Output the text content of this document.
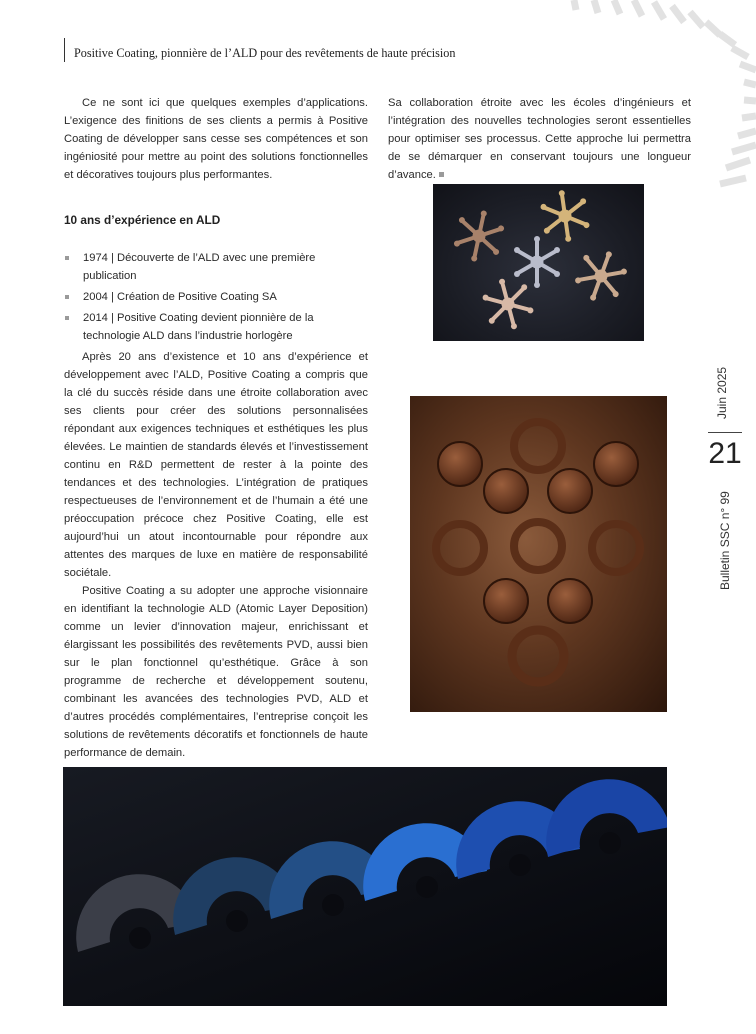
Positive Coating, pionnière de l’ALD pour des revêtements de haute précision

Ce ne sont ici que quelques exemples d’applications. L’exigence des finitions de ses clients a permis à Positive Coating de développer sans cesse ses compétences et son ingéniosité pour mettre au point des solutions fonctionnelles et décoratives toujours plus performantes.

Sa collaboration étroite avec les écoles d’ingénieurs et l’intégration des nouvelles technologies seront essentielles pour optimiser ses processus. Cette approche lui permettra de se démarquer en conservant toujours une longueur d’avance.

10 ans d’expérience en ALD
1974 | Découverte de l’ALD avec une première publication
2004 | Création de Positive Coating SA
2014 | Positive Coating devient pionnière de la technologie ALD dans l’industrie horlogère

Après 20 ans d’existence et 10 ans d’expérience et développement avec l’ALD, Positive Coating a compris que la clé du succès réside dans une étroite collaboration avec ses clients pour créer des solutions personnalisées répondant aux exigences techniques et esthétiques les plus élevées. Le maintien de standards élevés et l’investissement continu en R&D permettent de rester à la pointe des tendances et des technologies. L’intégration de pratiques respectueuses de l’environnement et de l’humain a été une préoccupation précoce chez Positive Coating, elle est aujourd’hui un atout incontournable pour répondre aux attentes des marques de luxe en matière de responsabilité sociétale.

Positive Coating a su adopter une approche visionnaire en identifiant la technologie ALD (Atomic Layer Deposition) comme un levier d’innovation majeur, enrichissant et élargissant les possibilités des revêtements PVD, aussi bien sur le plan fonctionnel qu’esthétique. Grâce à son programme de recherche et développement soutenu, combinant les avancées des technologies PVD, ALD et d’autres procédés complémentaires, l’entreprise conçoit les solutions de revêtements décoratifs et fonctionnels de haute performance de demain.

Juin 2025
21
Bulletin SSC n° 99
